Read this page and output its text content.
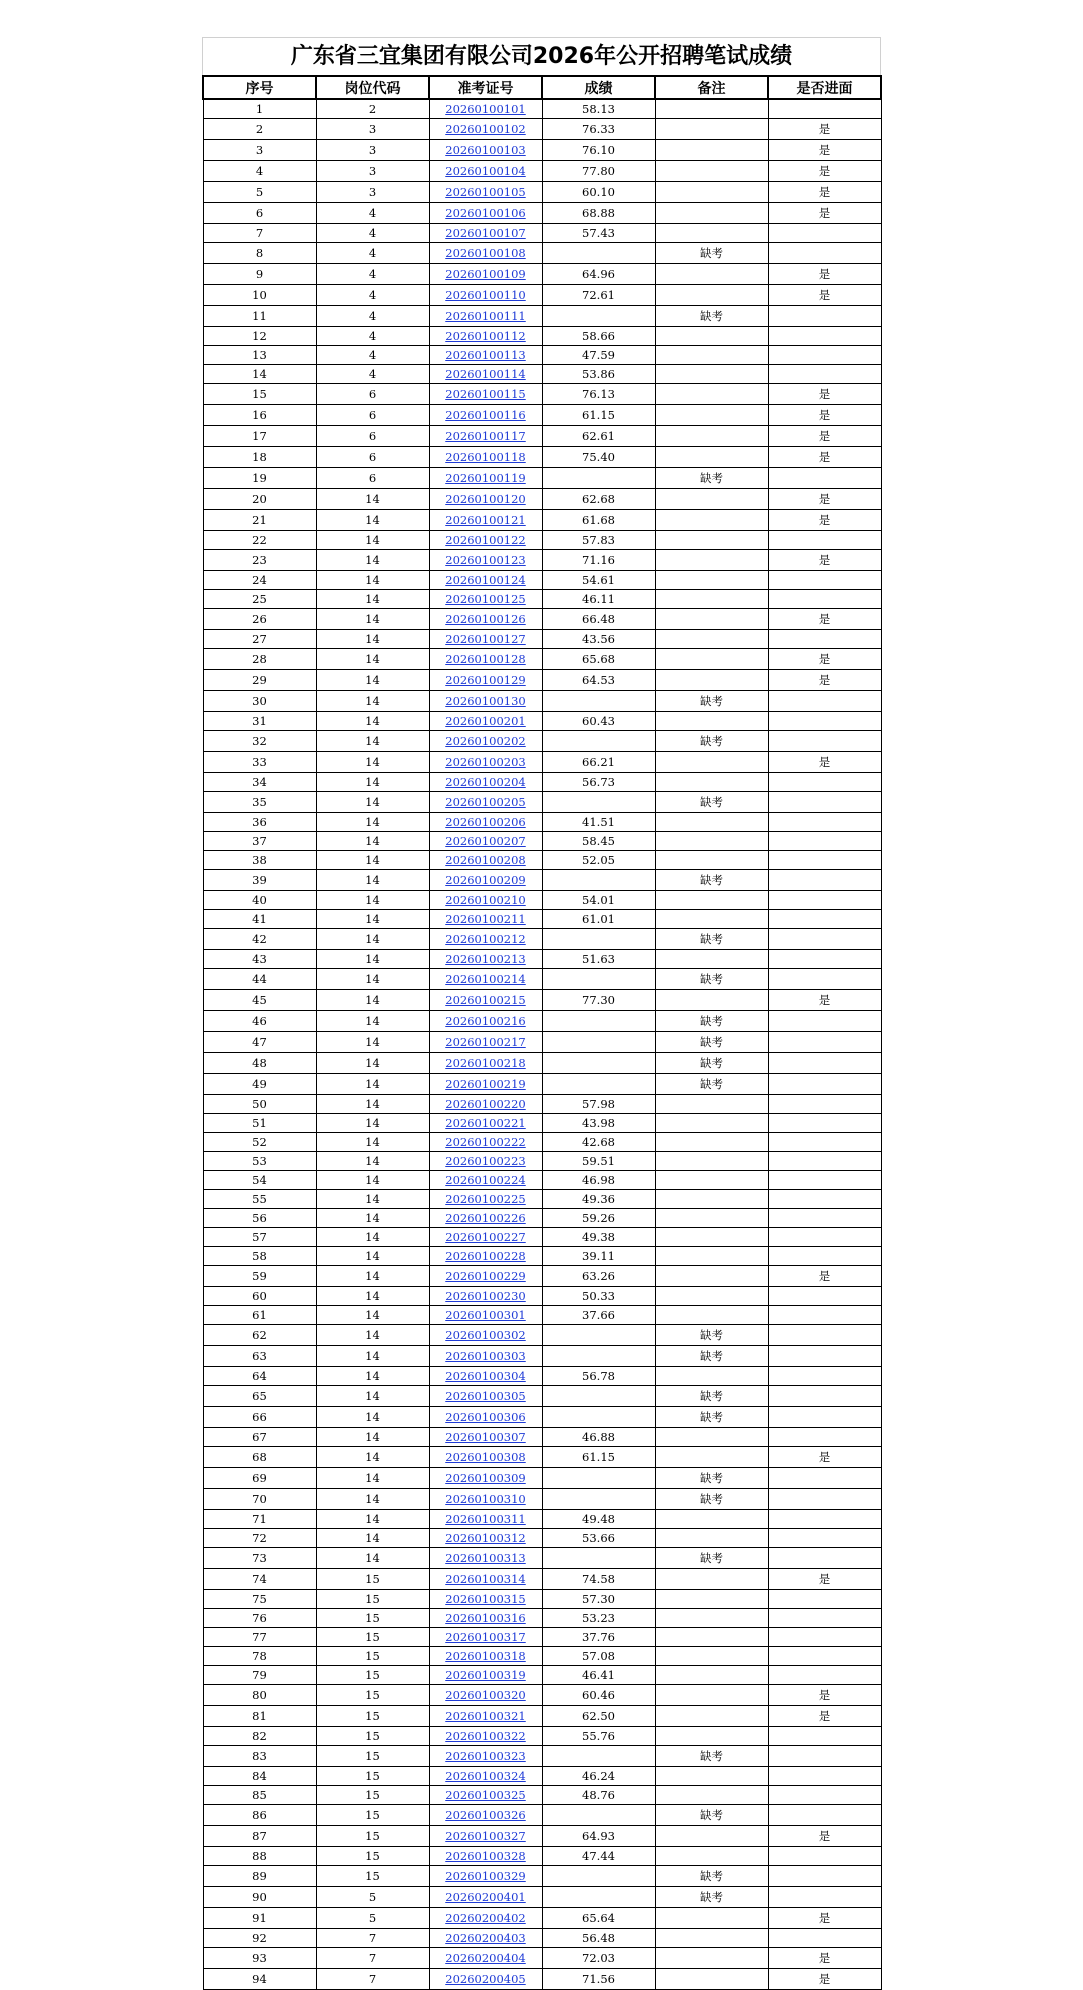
广东省三宜集团有限公司2026年公开招聘笔试成绩
序号	岗位代码	准考证号	成绩	备注	是否进面
1	2	20260100101	58.13		
2	3	20260100102	76.33		是
3	3	20260100103	76.10		是
4	3	20260100104	77.80		是
5	3	20260100105	60.10		是
6	4	20260100106	68.88		是
7	4	20260100107	57.43		
8	4	20260100108		缺考	
9	4	20260100109	64.96		是
10	4	20260100110	72.61		是
11	4	20260100111		缺考	
12	4	20260100112	58.66		
13	4	20260100113	47.59		
14	4	20260100114	53.86		
15	6	20260100115	76.13		是
16	6	20260100116	61.15		是
17	6	20260100117	62.61		是
18	6	20260100118	75.40		是
19	6	20260100119		缺考	
20	14	20260100120	62.68		是
21	14	20260100121	61.68		是
22	14	20260100122	57.83		
23	14	20260100123	71.16		是
24	14	20260100124	54.61		
25	14	20260100125	46.11		
26	14	20260100126	66.48		是
27	14	20260100127	43.56		
28	14	20260100128	65.68		是
29	14	20260100129	64.53		是
30	14	20260100130		缺考	
31	14	20260100201	60.43		
32	14	20260100202		缺考	
33	14	20260100203	66.21		是
34	14	20260100204	56.73		
35	14	20260100205		缺考	
36	14	20260100206	41.51		
37	14	20260100207	58.45		
38	14	20260100208	52.05		
39	14	20260100209		缺考	
40	14	20260100210	54.01		
41	14	20260100211	61.01		
42	14	20260100212		缺考	
43	14	20260100213	51.63		
44	14	20260100214		缺考	
45	14	20260100215	77.30		是
46	14	20260100216		缺考	
47	14	20260100217		缺考	
48	14	20260100218		缺考	
49	14	20260100219		缺考	
50	14	20260100220	57.98		
51	14	20260100221	43.98		
52	14	20260100222	42.68		
53	14	20260100223	59.51		
54	14	20260100224	46.98		
55	14	20260100225	49.36		
56	14	20260100226	59.26		
57	14	20260100227	49.38		
58	14	20260100228	39.11		
59	14	20260100229	63.26		是
60	14	20260100230	50.33		
61	14	20260100301	37.66		
62	14	20260100302		缺考	
63	14	20260100303		缺考	
64	14	20260100304	56.78		
65	14	20260100305		缺考	
66	14	20260100306		缺考	
67	14	20260100307	46.88		
68	14	20260100308	61.15		是
69	14	20260100309		缺考	
70	14	20260100310		缺考	
71	14	20260100311	49.48		
72	14	20260100312	53.66		
73	14	20260100313		缺考	
74	15	20260100314	74.58		是
75	15	20260100315	57.30		
76	15	20260100316	53.23		
77	15	20260100317	37.76		
78	15	20260100318	57.08		
79	15	20260100319	46.41		
80	15	20260100320	60.46		是
81	15	20260100321	62.50		是
82	15	20260100322	55.76		
83	15	20260100323		缺考	
84	15	20260100324	46.24		
85	15	20260100325	48.76		
86	15	20260100326		缺考	
87	15	20260100327	64.93		是
88	15	20260100328	47.44		
89	15	20260100329		缺考	
90	5	20260200401		缺考	
91	5	20260200402	65.64		是
92	7	20260200403	56.48		
93	7	20260200404	72.03		是
94	7	20260200405	71.56		是
